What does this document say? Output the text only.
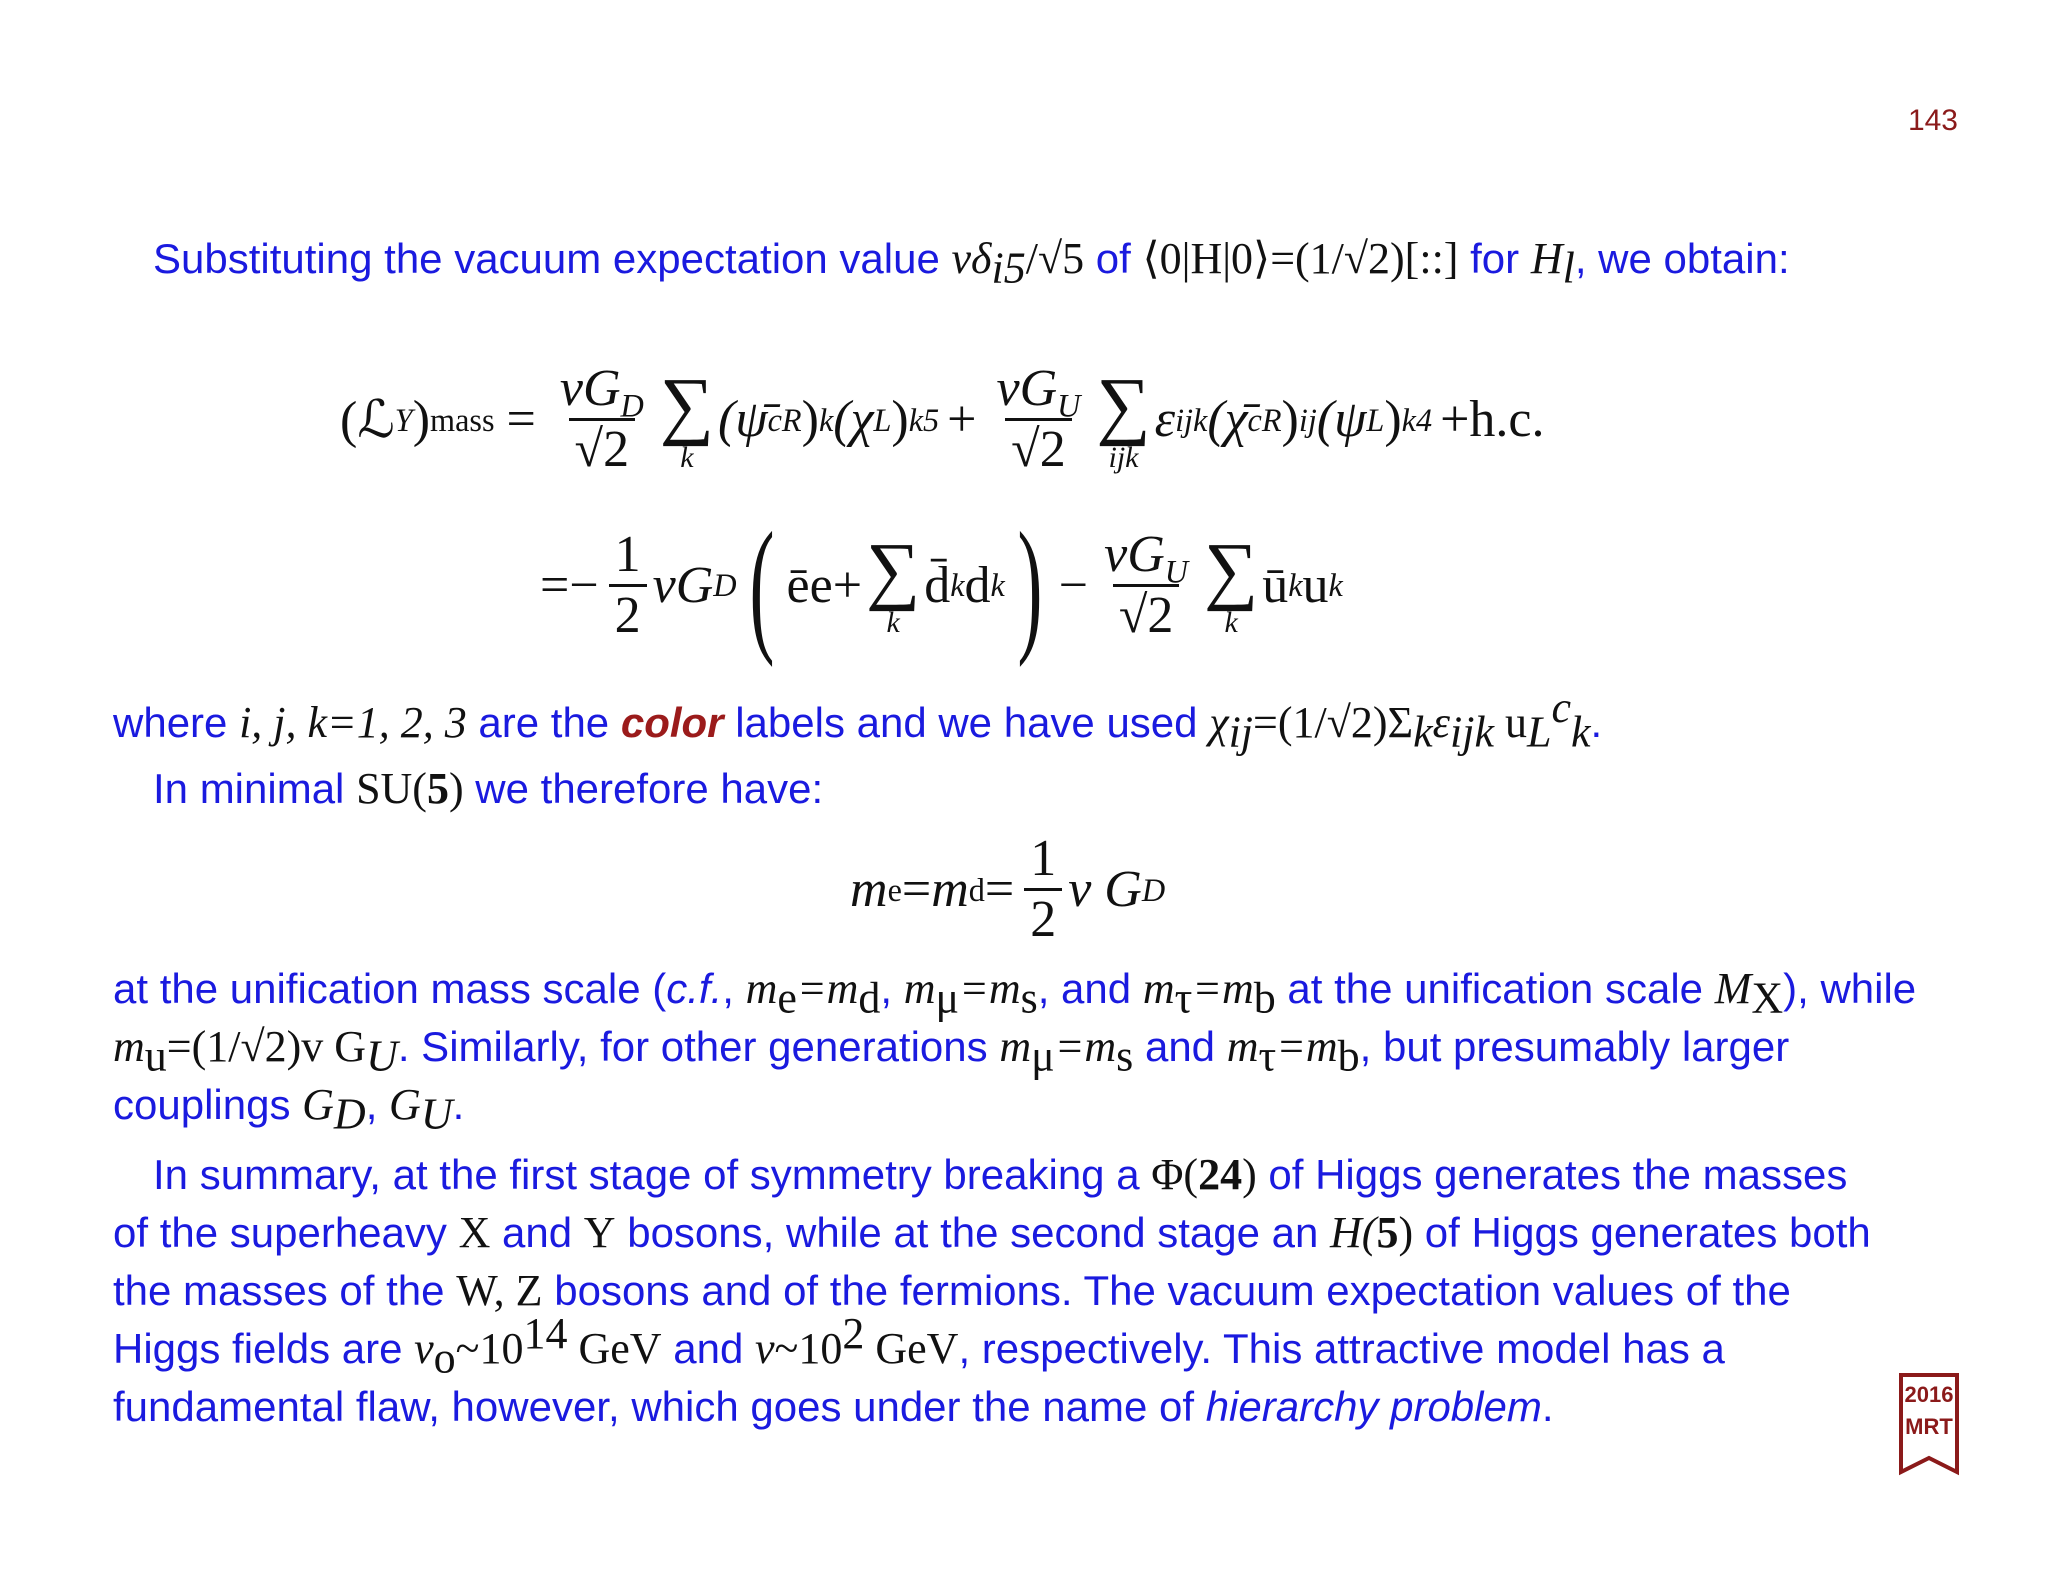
143

Substituting the vacuum expectation value $v\delta_{i5}/√5$ of ⟨0|H|0⟩=(1/√2)[::] for $H_l$, we obtain:

(ℒ Y ) mass = $\frac{vG_D}{√2}$ ∑
k
(ψ̄ c R ) k (χ L ) $k5 + \frac{vG_U}{√2}$ ∑
ijk
ε ijk (χ̄ c R ) ij (ψ L ) k4 +h.c.
=− $\frac{1}{2}$ vG D ( ēe+ ∑
k
d̄ k d k ) − $\frac{vG_U}{√2}$ ∑
k
ū k u k

where i, j, k=1, 2, 3 are the color labels and we have used $\chi_{ij}=(1/√2)\Sigma_k\varepsilon_{ijk}$ $u_L^c_k$.

In minimal SU(5) we therefore have:

m e = m $d = \frac{1}{2}$ v G D

at the unification mass scale (c.f., $m_e=m_d$, $m_\mu=m_s$, and $m_\tau=m_b$ at the unification scale $M_X$), while $m_u=(1/√2)v$ $G_U$. Similarly, for other generations $m_\mu=m_s$ and $m_\tau=m_b$, but presumably larger couplings $G_D$, $G_U$.

In summary, at the first stage of symmetry breaking a Φ(24) of Higgs generates the masses of the superheavy X and Y bosons, while at the second stage an H(5) of Higgs generates both the masses of the W, Z bosons and of the fermions. The vacuum expectation values of the Higgs fields are $v_o\sim 10^{14}$ GeV and $v\sim 10^2$ GeV, respectively. This attractive model has a fundamental flaw, however, which goes under the name of hierarchy problem.	2016
MRT
